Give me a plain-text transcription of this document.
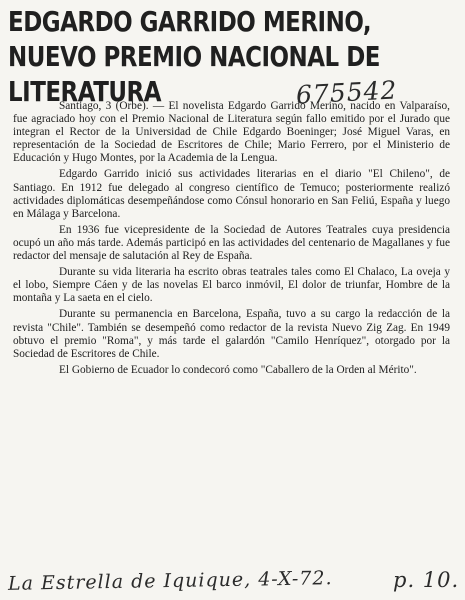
EDGARDO GARRIDO MERINO, NUEVO PREMIO NACIONAL DE LITERATURA	675542

Santiago, 3 (Orbe). — El novelista Edgardo Garrido Merino, nacido en Valparaíso, fue agraciado hoy con el Premio Nacional de Literatura según fallo emitido por el Jurado que integran el Rector de la Universidad de Chile Edgardo Boeninger; José Miguel Varas, en representación de la Sociedad de Escritores de Chile; Mario Ferrero, por el Ministerio de Educación y Hugo Montes, por la Academia de la Lengua.

Edgardo Garrido inició sus actividades literarias en el diario "El Chileno", de Santiago. En 1912 fue delegado al congreso científico de Temuco; posteriormente realizó actividades diplomáticas desempeñándose como Cónsul honorario en San Feliú, España y luego en Málaga y Barcelona.

En 1936 fue vicepresidente de la Sociedad de Autores Teatrales cuya presidencia ocupó un año más tarde. Además participó en las actividades del centenario de Magallanes y fue redactor del mensaje de salutación al Rey de España.

Durante su vida literaria ha escrito obras teatrales tales como El Chalaco, La oveja y el lobo, Siempre Cáen y de las novelas El barco inmóvil, El dolor de triunfar, Hombre de la montaña y La saeta en el cielo.

Durante su permanencia en Barcelona, España, tuvo a su cargo la redacción de la revista "Chile". También se desempeñó como redactor de la revista Nuevo Zig Zag. En 1949 obtuvo el premio "Roma", y más tarde el galardón "Camilo Henríquez", otorgado por la Sociedad de Escritores de Chile.

El Gobierno de Ecuador lo condecoró como "Caballero de la Orden al Mérito".

La Estrella de Iquique, 4-X-72.	p. 10.
